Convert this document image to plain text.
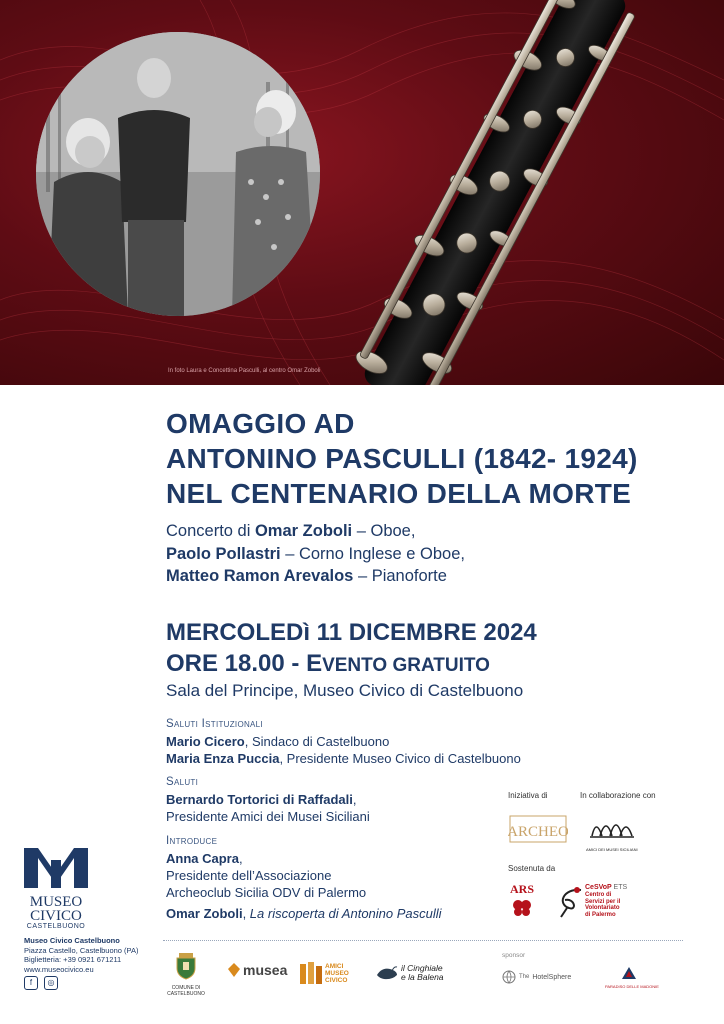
In foto Laura e Concettina Pasculli, al centro Omar Zoboli
OMAGGIO AD
ANTONINO PASCULLI (1842- 1924)
NEL CENTENARIO DELLA MORTE
Concerto di Omar Zoboli – Oboe,
Paolo Pollastri – Corno Inglese e Oboe,
Matteo Ramon Arevalos – Pianoforte
MERCOLEDì 11 DICEMBRE 2024
ORE 18.00 - EVENTO GRATUITO
Sala del Principe, Museo Civico di Castelbuono
Saluti Istituzionali
Mario Cicero, Sindaco di Castelbuono
Maria Enza Puccia, Presidente Museo Civico di Castelbuono
Saluti
Bernardo Tortorici di Raffadali,
Presidente Amici dei Musei Siciliani
Introduce
Anna Capra,
Presidente dell’Associazione
Archeoclub Sicilia ODV di Palermo
Omar Zoboli, La riscoperta di Antonino Pasculli
MUSEO
CIVICO
CASTELBUONO
Museo Civico Castelbuono
Piazza Castello, Castelbuono (PA)
Biglietteria: +39 0921 671211
www.museocivico.eu
f	◎
Iniziativa di	In collaborazione con
ARCHEO
AMICI DEI MUSEI SICILIANI
Sostenuta da
ARS	CeSVoP ETS
Centro di
Servizi per il
Volontariato
di Palermo
sponsor
COMUNE DI
CASTELBUONO
musea	AMICI
MUSEO
CIVICO
il Cinghiale
e la Balena	The HotelSphere
PARADISO DELLE MADONIE
